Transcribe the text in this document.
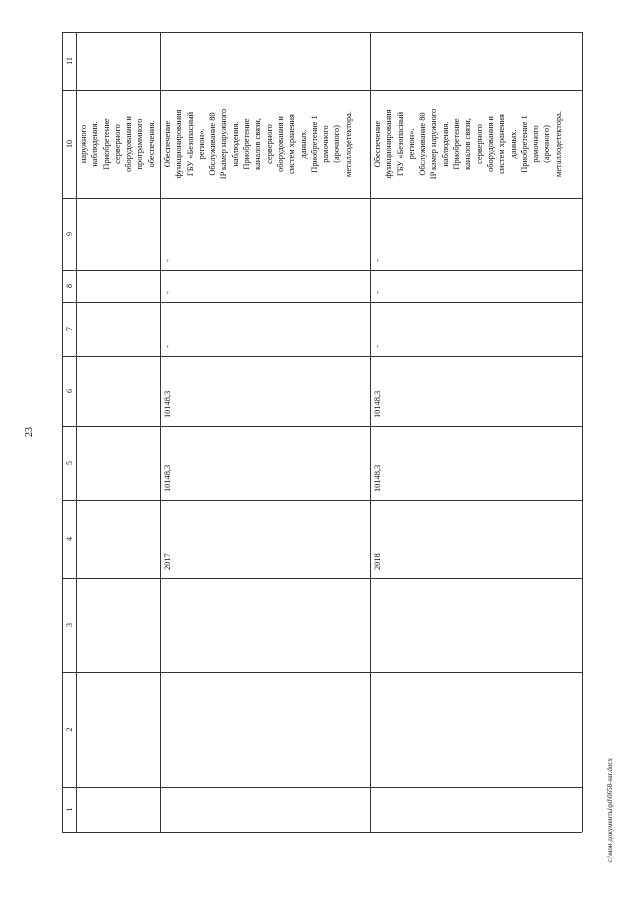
23
c:\мои документы\pd\0658-sur.docx
1
2
3
4
5
6
7
8
9
10
11
наружного наблюдения. Приобретение серверного оборудования и программного обеспечения.
2017
10148,3
10148,3
-
-
-
Обеспечение функционирования ГБУ «Безопасный регион». Обслуживание 80 IP камер наружного наблюдения. Приобретение каналов связи, серверного оборудования и систем хранения данных. Приобретение 1 рамочного (арочного) металлодетектора.
2018
10148,3
10148,3
-
-
-
Обеспечение функционирования ГБУ «Безопасный регион». Обслуживание 80 IP камер наружного наблюдения. Приобретение каналов связи, серверного оборудования и систем хранения данных. Приобретение 1 рамочного (арочного) металлодетектора.
